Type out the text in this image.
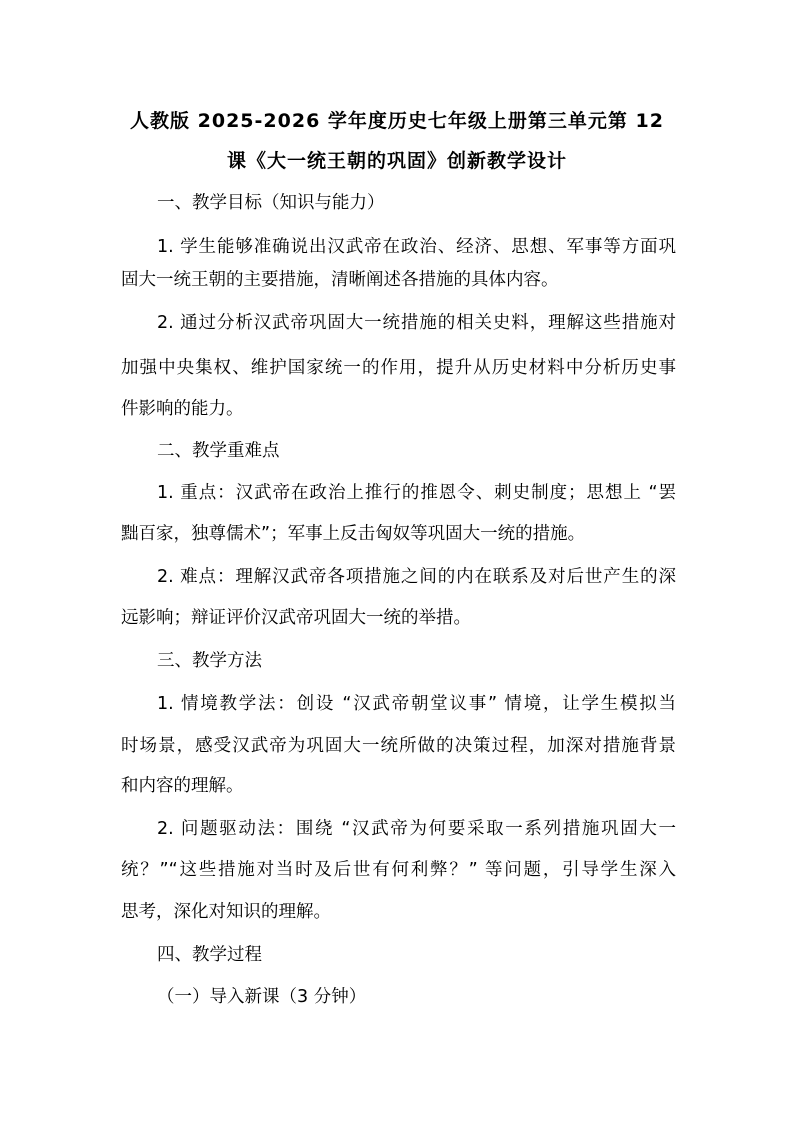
人教版 2025-2026 学年度历史七年级上册第三单元第 12
课《大一统王朝的巩固》创新教学设计
一、教学目标（知识与能力）
1. 学生能够准确说出汉武帝在政治、经济、思想、军事等方面巩
固大一统王朝的主要措施，清晰阐述各措施的具体内容。
2. 通过分析汉武帝巩固大一统措施的相关史料，理解这些措施对
加强中央集权、维护国家统一的作用，提升从历史材料中分析历史事
件影响的能力。
二、教学重难点
1. 重点：汉武帝在政治上推行的推恩令、刺史制度；思想上 “罢
黜百家，独尊儒术”；军事上反击匈奴等巩固大一统的措施。
2. 难点：理解汉武帝各项措施之间的内在联系及对后世产生的深
远影响；辩证评价汉武帝巩固大一统的举措。
三、教学方法
1. 情境教学法：创设 “汉武帝朝堂议事” 情境，让学生模拟当
时场景，感受汉武帝为巩固大一统所做的决策过程，加深对措施背景
和内容的理解。
2. 问题驱动法：围绕 “汉武帝为何要采取一系列措施巩固大一
统？”“这些措施对当时及后世有何利弊？” 等问题，引导学生深入
思考，深化对知识的理解。
四、教学过程
（一）导入新课（3 分钟）
